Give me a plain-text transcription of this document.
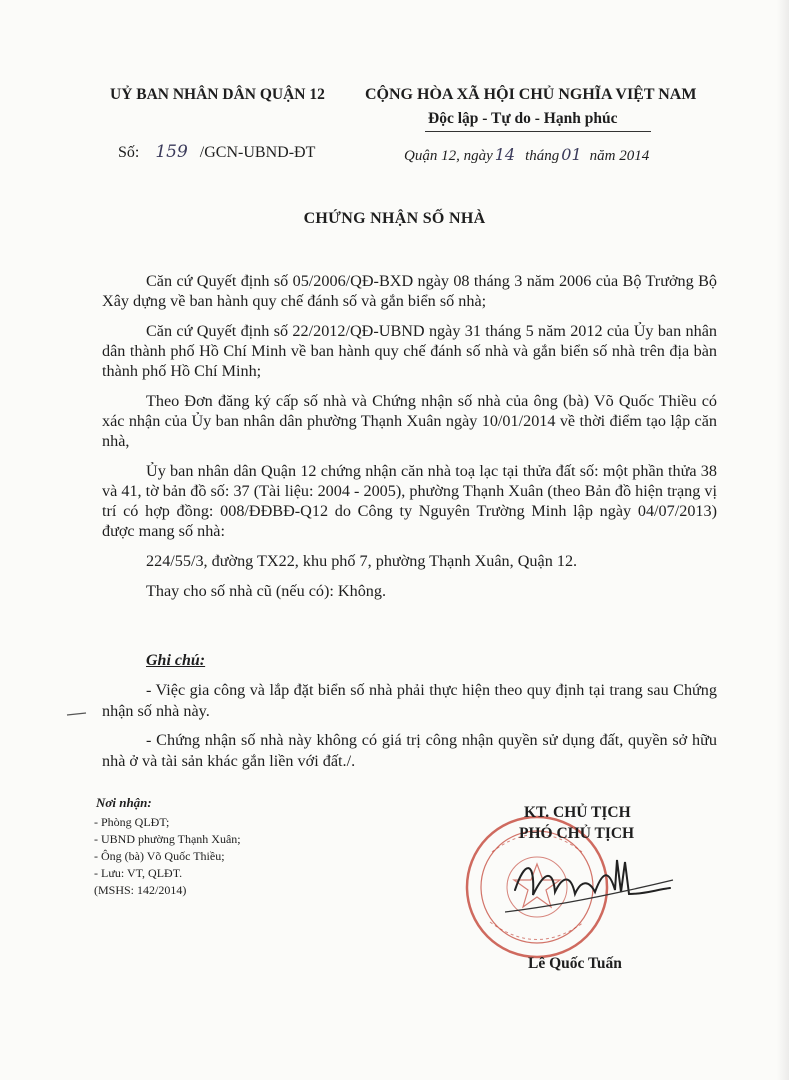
UỶ BAN NHÂN DÂN QUẬN 12	CỘNG HÒA XÃ HỘI CHỦ NGHĨA VIỆT NAM
Độc lập - Tự do - Hạnh phúc
Số: 159 /GCN-UBND-ĐT	Quận 12, ngày 14 tháng 01 năm 2014
CHỨNG NHẬN SỐ NHÀ

Căn cứ Quyết định số 05/2006/QĐ-BXD ngày 08 tháng 3 năm 2006 của Bộ Trưởng Bộ Xây dựng về ban hành quy chế đánh số và gắn biển số nhà;

Căn cứ Quyết định số 22/2012/QĐ-UBND ngày 31 tháng 5 năm 2012 của Ủy ban nhân dân thành phố Hồ Chí Minh về ban hành quy chế đánh số nhà và gắn biển số nhà trên địa bàn thành phố Hồ Chí Minh;

Theo Đơn đăng ký cấp số nhà và Chứng nhận số nhà của ông (bà) Võ Quốc Thiều có xác nhận của Ủy ban nhân dân phường Thạnh Xuân ngày 10/01/2014 về thời điểm tạo lập căn nhà,

Ủy ban nhân dân Quận 12 chứng nhận căn nhà toạ lạc tại thửa đất số: một phần thửa 38 và 41, tờ bản đồ số: 37 (Tài liệu: 2004 - 2005), phường Thạnh Xuân (theo Bản đồ hiện trạng vị trí có hợp đồng: 008/ĐĐBĐ-Q12 do Công ty Nguyên Trường Minh lập ngày 04/07/2013) được mang số nhà:

224/55/3, đường TX22, khu phố 7, phường Thạnh Xuân, Quận 12.

Thay cho số nhà cũ (nếu có): Không.

Ghi chú:

- Việc gia công và lắp đặt biển số nhà phải thực hiện theo quy định tại trang sau Chứng nhận số nhà này.

- Chứng nhận số nhà này không có giá trị công nhận quyền sử dụng đất, quyền sở hữu nhà ở và tài sản khác gắn liền với đất./.

Nơi nhận:
- Phòng QLĐT;
- UBND phường Thạnh Xuân;
- Ông (bà) Võ Quốc Thiều;
- Lưu: VT, QLĐT.
(MSHS: 142/2014)
KT. CHỦ TỊCH
PHÓ CHỦ TỊCH
Lê Quốc Tuấn
